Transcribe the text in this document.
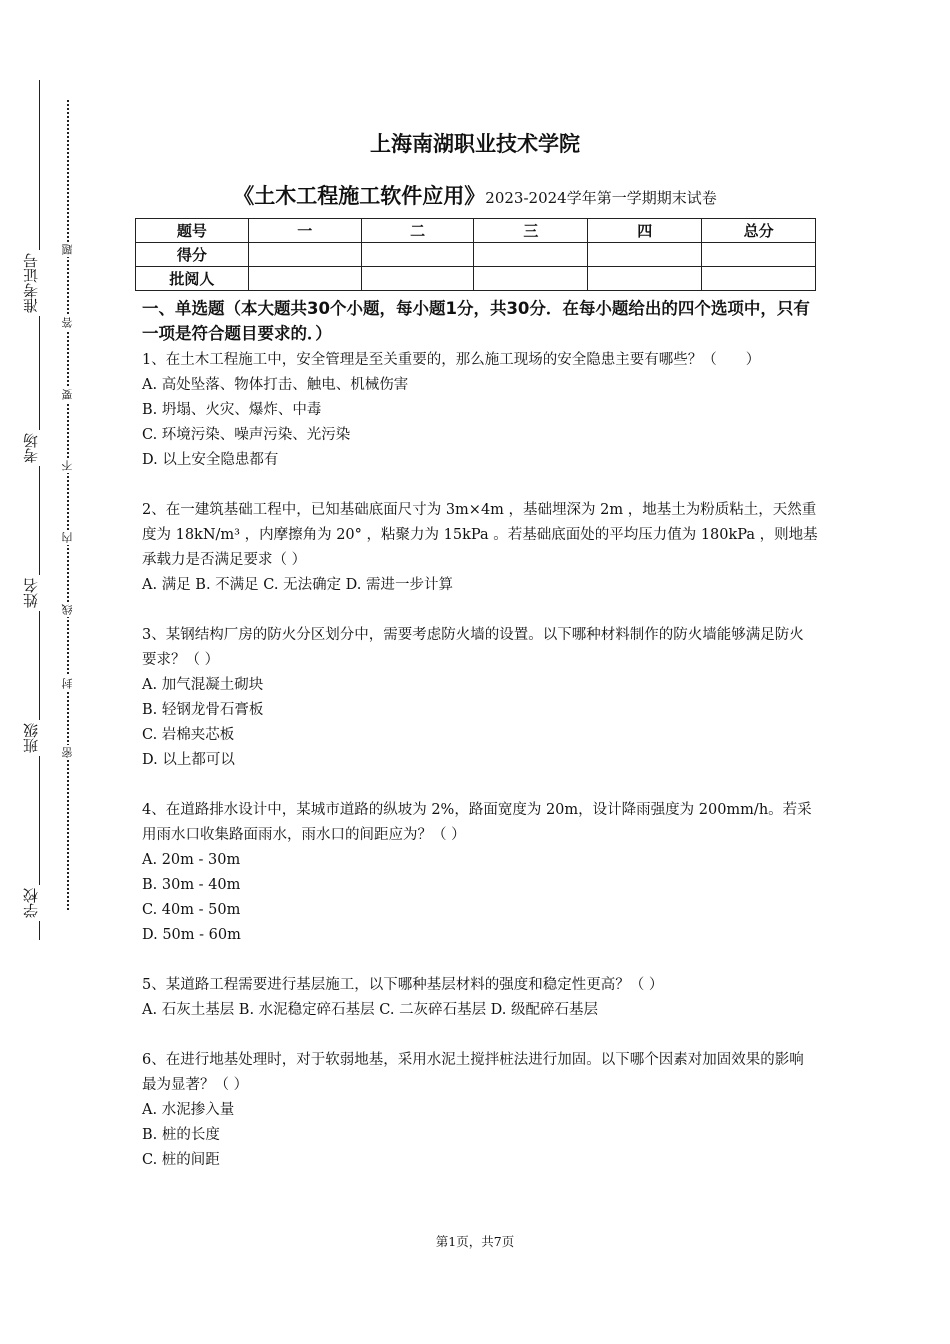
准考证号
考场
姓名
班级
学校
题
答
要
不
内
线
封
密
上海南湖职业技术学院
《土木工程施工软件应用》2023-2024学年第一学期期末试卷
题号	一	二	三	四	总分
得分					
批阅人					
一、单选题（本大题共30个小题，每小题1分，共30分．在每小题给出的四个选项中，只有一项是符合题目要求的．）

1、在土木工程施工中，安全管理是至关重要的，那么施工现场的安全隐患主要有哪些？（　　）

A. 高处坠落、物体打击、触电、机械伤害

B. 坍塌、火灾、爆炸、中毒

C. 环境污染、噪声污染、光污染

D. 以上安全隐患都有

2、在一建筑基础工程中，已知基础底面尺寸为 3m×4m ，基础埋深为 2m ，地基土为粉质粘土，天然重度为 18kN/m³ ，内摩擦角为 20° ，粘聚力为 15kPa 。若基础底面处的平均压力值为 180kPa ，则地基承载力是否满足要求（ ）

A. 满足 B. 不满足 C. 无法确定 D. 需进一步计算

3、某钢结构厂房的防火分区划分中，需要考虑防火墙的设置。以下哪种材料制作的防火墙能够满足防火要求？（ ）

A. 加气混凝土砌块

B. 轻钢龙骨石膏板

C. 岩棉夹芯板

D. 以上都可以

4、在道路排水设计中，某城市道路的纵坡为 2%，路面宽度为 20m，设计降雨强度为 200mm/h。若采用雨水口收集路面雨水，雨水口的间距应为？（ ）

A. 20m - 30m

B. 30m - 40m

C. 40m - 50m

D. 50m - 60m

5、某道路工程需要进行基层施工，以下哪种基层材料的强度和稳定性更高？（ ）

A. 石灰土基层 B. 水泥稳定碎石基层 C. 二灰碎石基层 D. 级配碎石基层

6、在进行地基处理时，对于软弱地基，采用水泥土搅拌桩法进行加固。以下哪个因素对加固效果的影响最为显著？（ ）

A. 水泥掺入量

B. 桩的长度

C. 桩的间距

第1页，共7页
